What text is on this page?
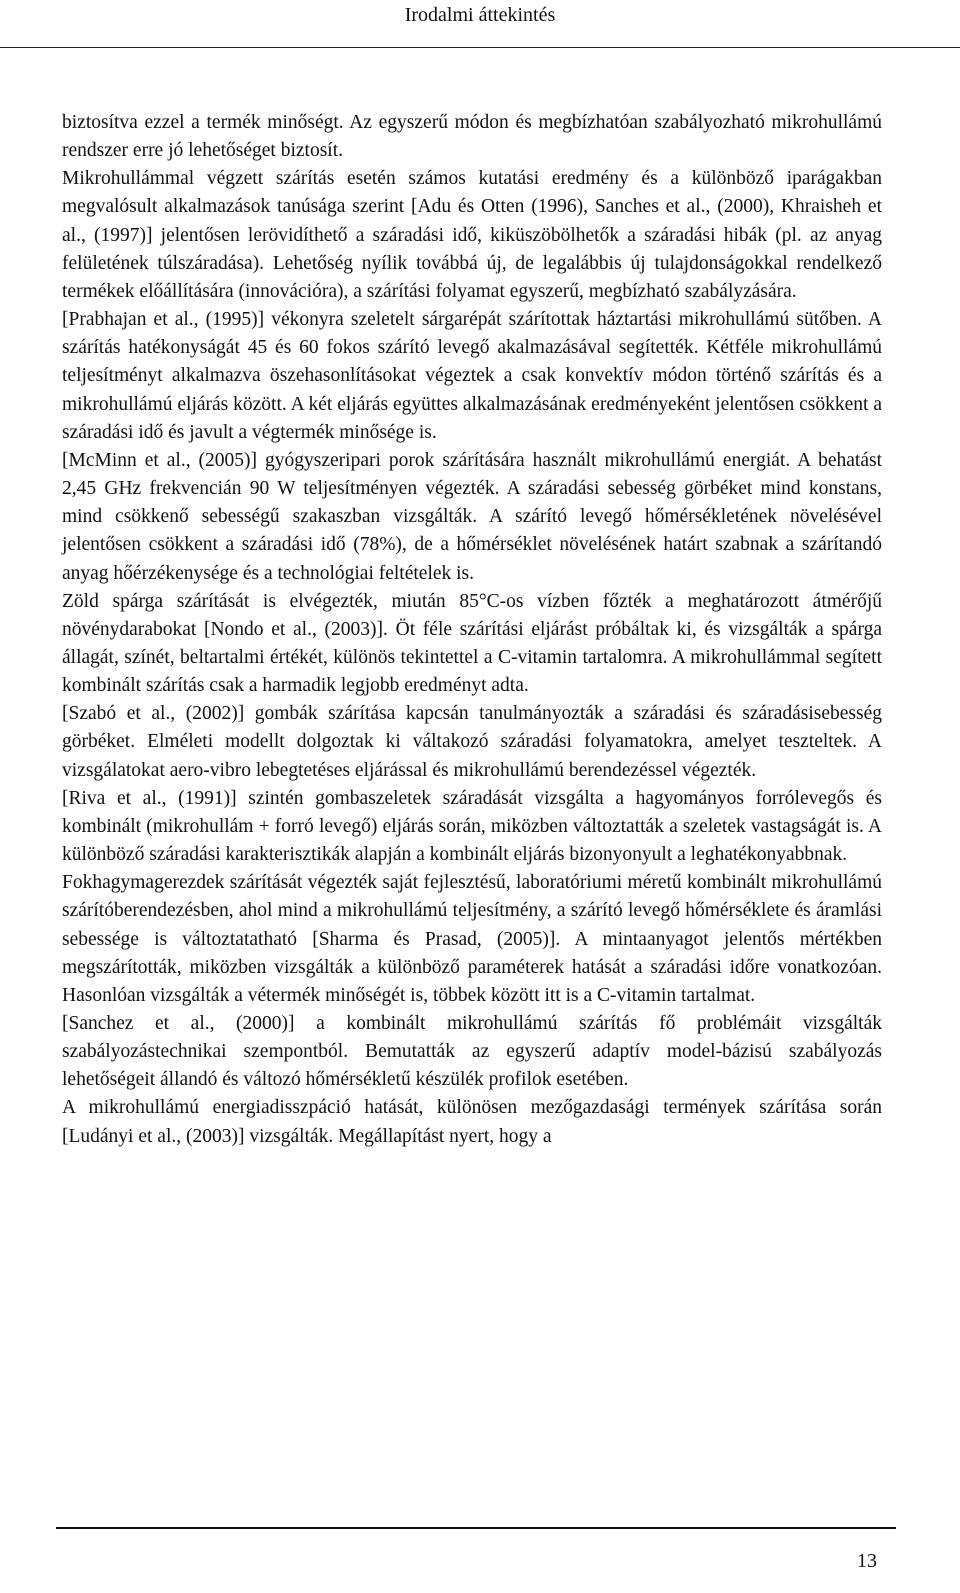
Irodalmi áttekintés

biztosítva ezzel a termék minőségt. Az egyszerű módon és megbízhatóan szabályozható mikrohullámú rendszer erre jó lehetőséget biztosít.

Mikrohullámmal végzett szárítás esetén számos kutatási eredmény és a különböző iparágakban megvalósult alkalmazások tanúsága szerint [Adu és Otten (1996), Sanches et al., (2000), Khraisheh et al., (1997)] jelentősen lerövidíthető a száradási idő, kiküszöbölhetők a száradási hibák (pl. az anyag felületének túlszáradása). Lehetőség nyílik továbbá új, de legalábbis új tulajdonságokkal rendelkező termékek előállítására (innovációra), a szárítási folyamat egyszerű, megbízható szabályzására.

[Prabhajan et al., (1995)] vékonyra szeletelt sárgarépát szárítottak háztartási mikrohullámú sütőben. A szárítás hatékonyságát 45 és 60 fokos szárító levegő akalmazásával segítették. Kétféle mikrohullámú teljesítményt alkalmazva öszehasonlításokat végeztek a csak konvektív módon történő szárítás és a mikrohullámú eljárás között. A két eljárás együttes alkalmazásának eredményeként jelentősen csökkent a száradási idő és javult a végtermék minősége is.

[McMinn et al., (2005)] gyógyszeripari porok szárítására használt mikrohullámú energiát. A behatást 2,45 GHz frekvencián 90 W teljesítményen végezték. A száradási sebesség görbéket mind konstans, mind csökkenő sebességű szakaszban vizsgálták. A szárító levegő hőmérsékletének növelésével jelentősen csökkent a száradási idő (78%), de a hőmérséklet növelésének határt szabnak a szárítandó anyag hőérzékenysége és a technológiai feltételek is.

Zöld spárga szárítását is elvégezték, miután 85°C-os vízben főzték a meghatározott átmérőjű növénydarabokat [Nondo et al., (2003)]. Öt féle szárítási eljárást próbáltak ki, és vizsgálták a spárga állagát, színét, beltartalmi értékét, különös tekintettel a C-vitamin tartalomra. A mikrohullámmal segített kombinált szárítás csak a harmadik legjobb eredményt adta.

[Szabó et al., (2002)] gombák szárítása kapcsán tanulmányozták a száradási és száradásisebesség görbéket. Elméleti modellt dolgoztak ki váltakozó száradási folyamatokra, amelyet teszteltek. A vizsgálatokat aero-vibro lebegtetéses eljárással és mikrohullámú berendezéssel végezték.

[Riva et al., (1991)] szintén gombaszeletek száradását vizsgálta a hagyományos forrólevegős és kombinált (mikrohullám + forró levegő) eljárás során, miközben változtatták a szeletek vastagságát is. A különböző száradási karakterisztikák alapján a kombinált eljárás bizonyonyult a leghatékonyabbnak.

Fokhagymagerezdek szárítását végezték saját fejlesztésű, laboratóriumi méretű kombinált mikrohullámú szárítóberendezésben, ahol mind a mikrohullámú teljesítmény, a szárító levegő hőmérséklete és áramlási sebessége is változtatatható [Sharma és Prasad, (2005)]. A mintaanyagot jelentős mértékben megszárították, miközben vizsgálták a különböző paraméterek hatását a száradási időre vonatkozóan. Hasonlóan vizsgálták a vétermék minőségét is, többek között itt is a C-vitamin tartalmat.

[Sanchez et al., (2000)] a kombinált mikrohullámú szárítás fő problémáit vizsgálták szabályozástechnikai szempontból. Bemutatták az egyszerű adaptív model-bázisú szabályozás lehetőségeit állandó és változó hőmérsékletű készülék profilok esetében.

A mikrohullámú energiadisszpáció hatását, különösen mezőgazdasági termények szárítása során [Ludányi et al., (2003)] vizsgálták. Megállapítást nyert, hogy a

13
